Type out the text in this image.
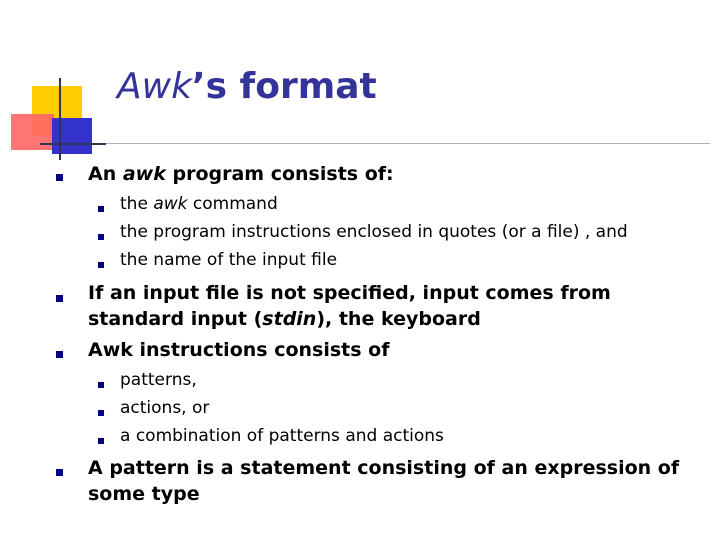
Awk’s format
An awk program consists of:
the awk command
the program instructions enclosed in quotes (or a file) , and
the name of the input file
If an input file is not specified, input comes from
standard input (stdin), the keyboard
Awk instructions consists of
patterns,
actions, or
a combination of patterns and actions
A pattern is a statement consisting of an expression of
some type
